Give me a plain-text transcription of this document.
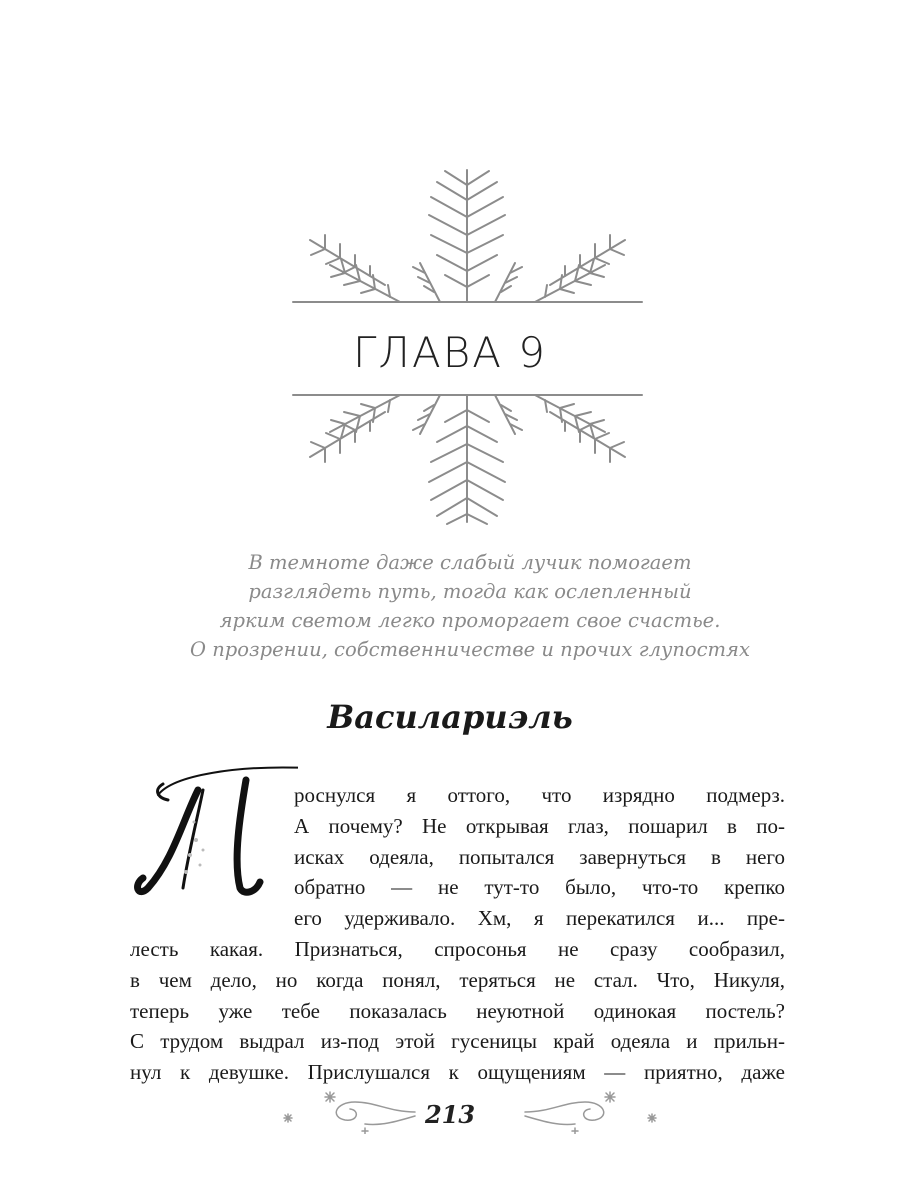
ГЛАВА 9
В темноте даже слабый лучик помогает
разглядеть путь, тогда как ослепленный
ярким светом легко проморгает свое счастье.
О прозрении, собственничестве и прочих глупостях
Василариэль
роснулся я оттого, что изрядно подмерз.
А почему? Не открывая глаз, пошарил в по-
исках одеяла, попытался завернуться в него
обратно — не тут-то было, что-то крепко
его удерживало. Хм, я перекатился и... пре-
лесть какая. Признаться, спросонья не сразу сообразил,
в чем дело, но когда понял, теряться не стал. Что, Никуля,
теперь уже тебе показалась неуютной одинокая постель?
С трудом выдрал из-под этой гусеницы край одеяла и прильн-
нул к девушке. Прислушался к ощущениям — приятно, даже
213
